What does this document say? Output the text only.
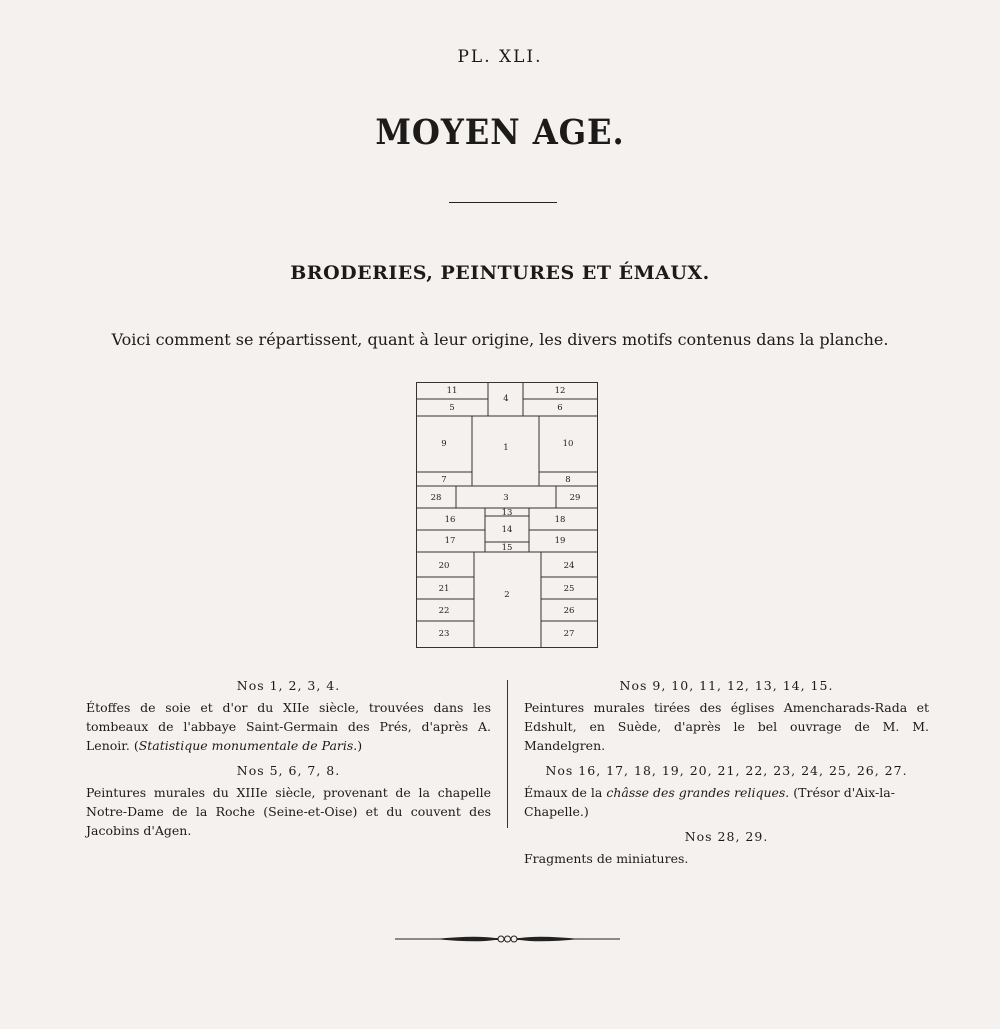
PL. XLI.
MOYEN AGE.
BRODERIES, PEINTURES ET ÉMAUX.
Voici comment se répartissent, quant à leur origine, les divers motifs contenus dans la planche.
11
4
12
5	6
9	1	10
7	8
28	3	29
16
13
18
14
17
15
19
20
2
24
21	25
22	26
23	27
Nos 1, 2, 3, 4.
Étoffes de soie et d'or du XIIe siècle, trouvées dans les tombeaux de l'abbaye Saint-Germain des Prés, d'après A. Lenoir. (Statistique monumentale de Paris.)
Nos 5, 6, 7, 8.
Peintures murales du XIIIe siècle, provenant de la chapelle Notre-Dame de la Roche (Seine-et-Oise) et du couvent des Jacobins d'Agen.
Nos 9, 10, 11, 12, 13, 14, 15.
Peintures murales tirées des églises Amencharads-Rada et Edshult, en Suède, d'après le bel ouvrage de M. M. Mandelgren.
Nos 16, 17, 18, 19, 20, 21, 22, 23, 24, 25, 26, 27.
Émaux de la châsse des grandes reliques. (Trésor d'Aix-la-Chapelle.)
Nos 28, 29.
Fragments de miniatures.
